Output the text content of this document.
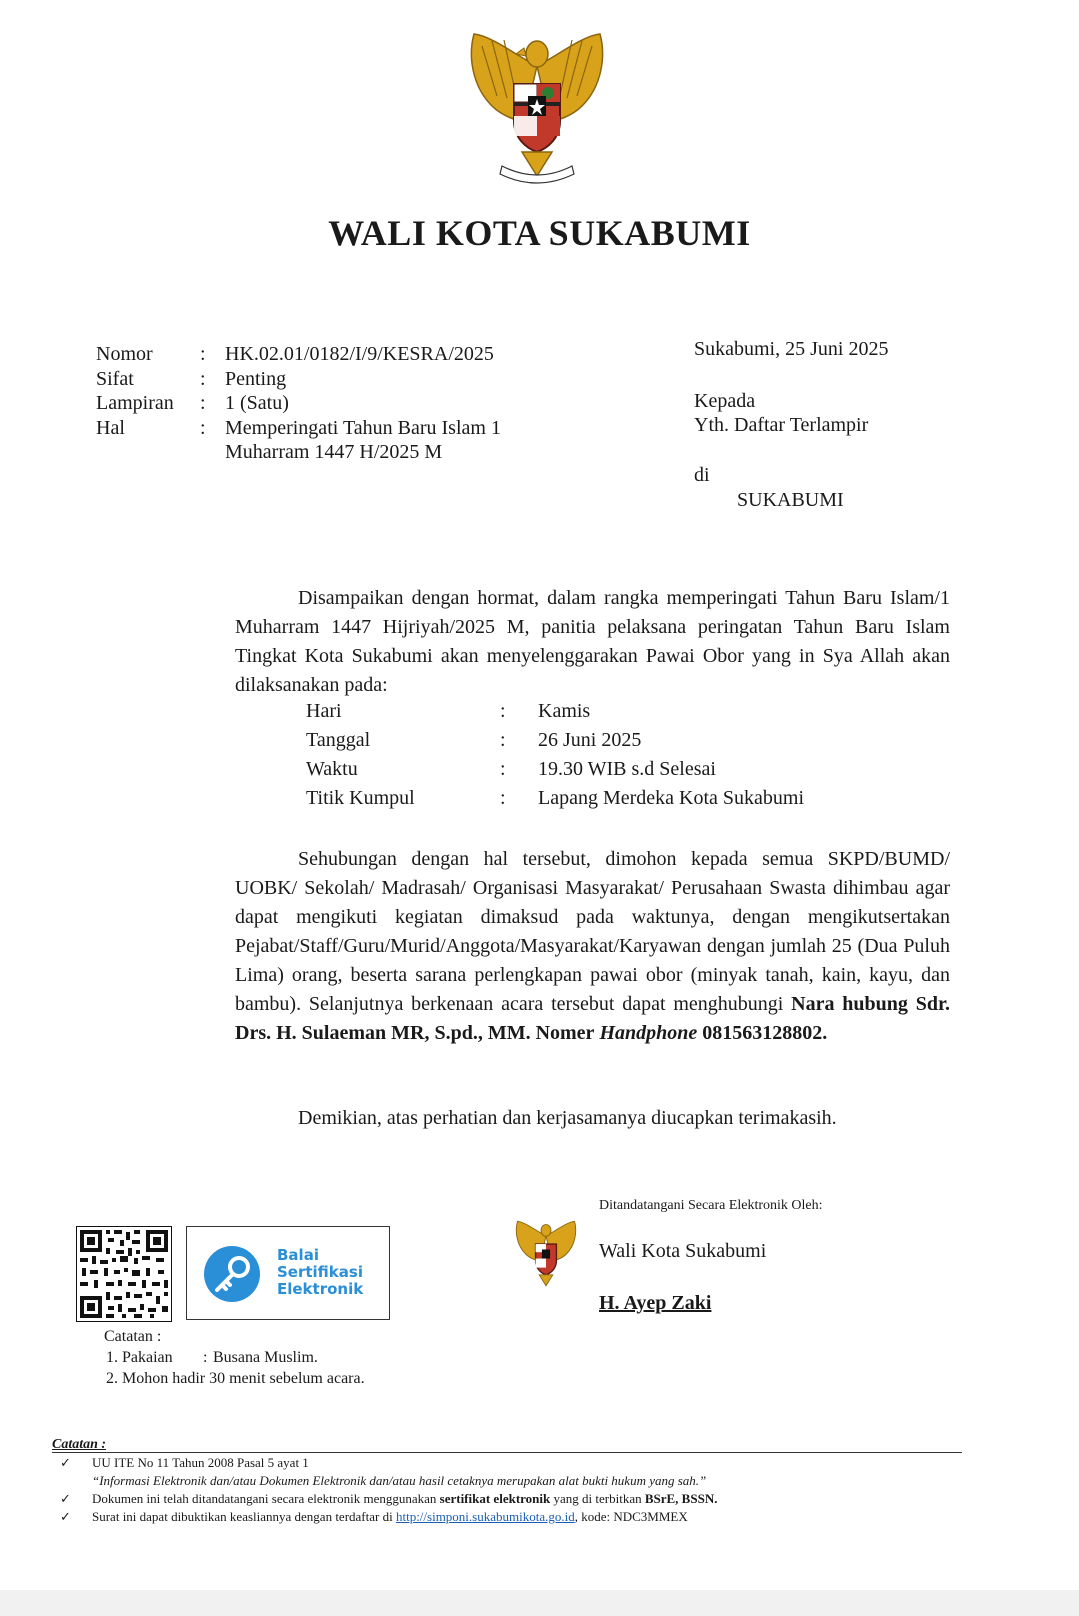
WALI KOTA SUKABUMI
Nomor : HK.02.01/0182/I/9/KESRA/2025
Sifat	: Penting
Lampiran : 1 (Satu)
Hal	: Memperingati Tahun Baru Islam 1
Muharram 1447 H/2025 M
Sukabumi, 25 Juni 2025
Kepada
Yth. Daftar Terlampir
di
SUKABUMI
Disampaikan dengan hormat, dalam rangka memperingati Tahun Baru Islam/1 Muharram 1447 Hijriyah/2025 M, panitia pelaksana peringatan Tahun Baru Islam Tingkat Kota Sukabumi akan menyelenggarakan Pawai Obor yang in Sya Allah akan dilaksanakan pada:
Hari	: Kamis
Tanggal	: 26 Juni 2025
Waktu	: 19.30 WIB s.d Selesai
Titik Kumpul	: Lapang Merdeka Kota Sukabumi
Sehubungan dengan hal tersebut, dimohon kepada semua SKPD/BUMD/ UOBK/ Sekolah/ Madrasah/ Organisasi Masyarakat/ Perusahaan Swasta dihimbau agar dapat mengikuti kegiatan dimaksud pada waktunya, dengan mengikutsertakan Pejabat/Staff/Guru/Murid/Anggota/Masyarakat/Karyawan dengan jumlah 25 (Dua Puluh Lima) orang, beserta sarana perlengkapan pawai obor (minyak tanah, kain, kayu, dan bambu). Selanjutnya berkenaan acara tersebut dapat menghubungi Nara hubung Sdr. Drs. H. Sulaeman MR, S.pd., MM. Nomer Handphone 081563128802.
Demikian, atas perhatian dan kerjasamanya diucapkan terimakasih.
Balai
Sertifikasi
Elektronik
Catatan :
1. Pakaian : Busana Muslim.
2. Mohon hadir 30 menit sebelum acara.
Ditandatangani Secara Elektronik Oleh:
Wali Kota Sukabumi
H. Ayep Zaki
Catatan :
✓ UU ITE No 11 Tahun 2008 Pasal 5 ayat 1
“Informasi Elektronik dan/atau Dokumen Elektronik dan/atau hasil cetaknya merupakan alat bukti hukum yang sah.”
✓ Dokumen ini telah ditandatangani secara elektronik menggunakan sertifikat elektronik yang di terbitkan BSrE, BSSN.
✓ Surat ini dapat dibuktikan keasliannya dengan terdaftar di http://simponi.sukabumikota.go.id, kode: NDC3MMEX
